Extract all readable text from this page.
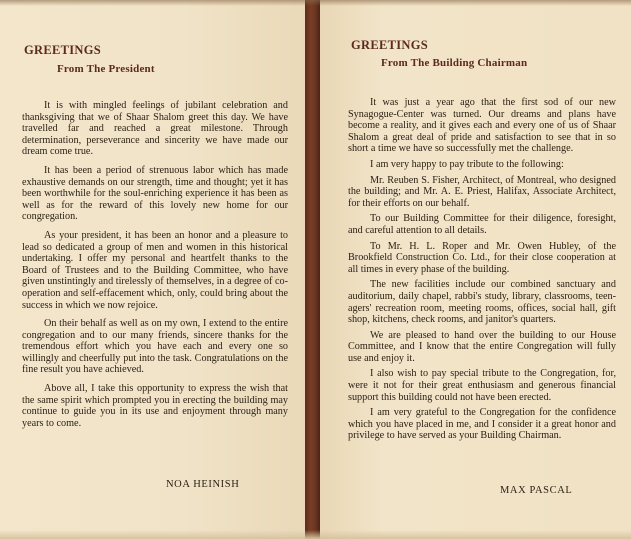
GREETINGS
From The President

It is with mingled feelings of jubilant celebration and thanksgiving that we of Shaar Shalom greet this day. We have travelled far and reached a great milestone. Through determination, perseverance and sincerity we have made our dream come true.

It has been a period of strenuous labor which has made exhaustive demands on our strength, time and thought; yet it has been worthwhile for the soul-enriching experience it has been as well as for the reward of this lovely new home for our congregation.

As your president, it has been an honor and a pleasure to lead so dedicated a group of men and women in this historical undertaking. I offer my personal and heartfelt thanks to the Board of Trustees and to the Building Committee, who have given unstintingly and tirelessly of themselves, in a degree of co-operation and self-effacement which, only, could bring about the success in which we now rejoice.

On their behalf as well as on my own, I extend to the entire congregation and to our many friends, sincere thanks for the tremendous effort which you have each and every one so willingly and cheerfully put into the task. Congratulations on the fine result you have achieved.

Above all, I take this opportunity to express the wish that the same spirit which prompted you in erecting the building may continue to guide you in its use and enjoyment through many years to come.

NOA HEINISH

GREETINGS
From The Building Chairman

It was just a year ago that the first sod of our new Synagogue-Center was turned. Our dreams and plans have become a reality, and it gives each and every one of us of Shaar Shalom a great deal of pride and satisfaction to see that in so short a time we have so successfully met the challenge.

I am very happy to pay tribute to the following:

Mr. Reuben S. Fisher, Architect, of Montreal, who designed the building; and Mr. A. E. Priest, Halifax, Associate Architect, for their efforts on our behalf.

To our Building Committee for their diligence, foresight, and careful attention to all details.

To Mr. H. L. Roper and Mr. Owen Hubley, of the Brookfield Construction Co. Ltd., for their close cooperation at all times in every phase of the building.

The new facilities include our combined sanctuary and auditorium, daily chapel, rabbi's study, library, classrooms, teen-agers' recreation room, meeting rooms, offices, social hall, gift shop, kitchens, check rooms, and janitor's quarters.

We are pleased to hand over the building to our House Committee, and I know that the entire Congregation will fully use and enjoy it.

I also wish to pay special tribute to the Congregation, for, were it not for their great enthusiasm and generous financial support this building could not have been erected.

I am very grateful to the Congregation for the confidence which you have placed in me, and I consider it a great honor and privilege to have served as your Building Chairman.

MAX PASCAL
